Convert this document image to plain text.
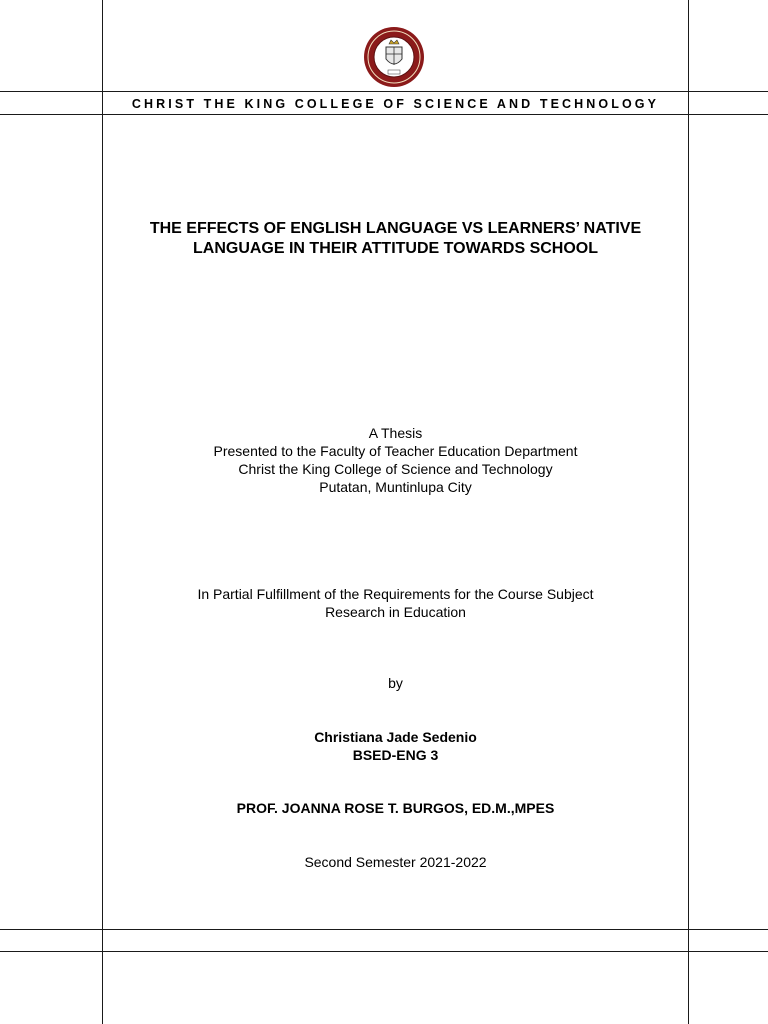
CHRIST THE KING COLLEGE OF SCIENCE AND TECHNOLOGY

THE EFFECTS OF ENGLISH LANGUAGE VS LEARNERS’ NATIVE
LANGUAGE IN THEIR ATTITUDE TOWARDS SCHOOL

A Thesis
Presented to the Faculty of Teacher Education Department
Christ the King College of Science and Technology
Putatan, Muntinlupa City

In Partial Fulfillment of the Requirements for the Course Subject
Research in Education

by

Christiana Jade Sedenio
BSED-ENG 3

PROF. JOANNA ROSE T. BURGOS, ED.M.,MPES

Second Semester 2021-2022
